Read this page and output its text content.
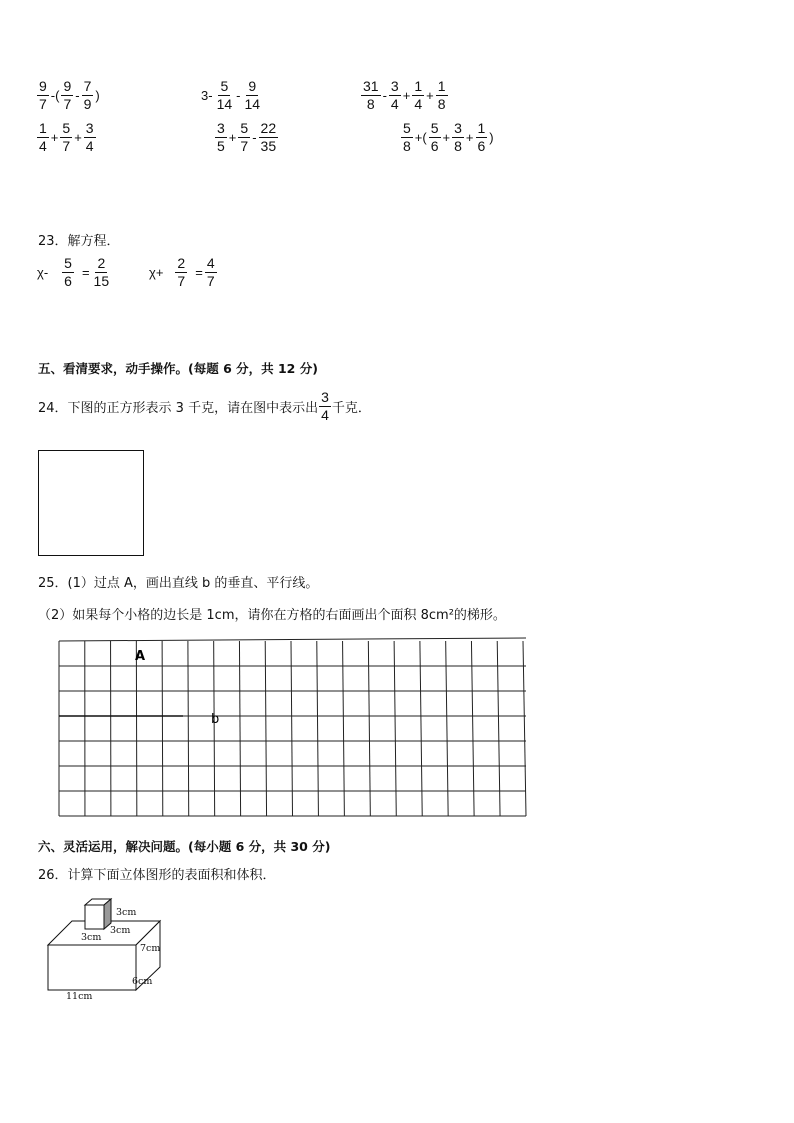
$\frac{9}{7}$ -( $\frac{9}{7} - \frac{7}{9}$ )	$3- \frac{5}{14} - \frac{9}{14}$	$\frac{31}{8} - \frac{3}{4} + \frac{1}{4} + \frac{1}{8}$
$\frac{1}{4} + \frac{5}{7} + \frac{3}{4}$	$\frac{3}{5} + \frac{5}{7} - \frac{22}{35}$	$\frac{5}{8}$ +( $\frac{5}{6} + \frac{3}{8} + \frac{1}{6}$ )
23．解方程．
$\chi- \frac{5}{6} = \frac{2}{15}$	$\chi+ \frac{2}{7} = \frac{4}{7}$
五、看清要求，动手操作。(每题 6 分，共 12 分)
24．下图的正方形表示 3 千克，请在图中表示出 $\frac{3}{4}$ 千克．
25．(1）过点 A，画出直线 b 的垂直、平行线。
（2）如果每个小格的边长是 1cm，请你在方格的右面画出个面积 8cm²的梯形。
A
b
六、灵活运用，解决问题。(每小题 6 分，共 30 分)
26．计算下面立体图形的表面积和体积．
3cm
3cm
3cm
7cm
6cm
11cm
